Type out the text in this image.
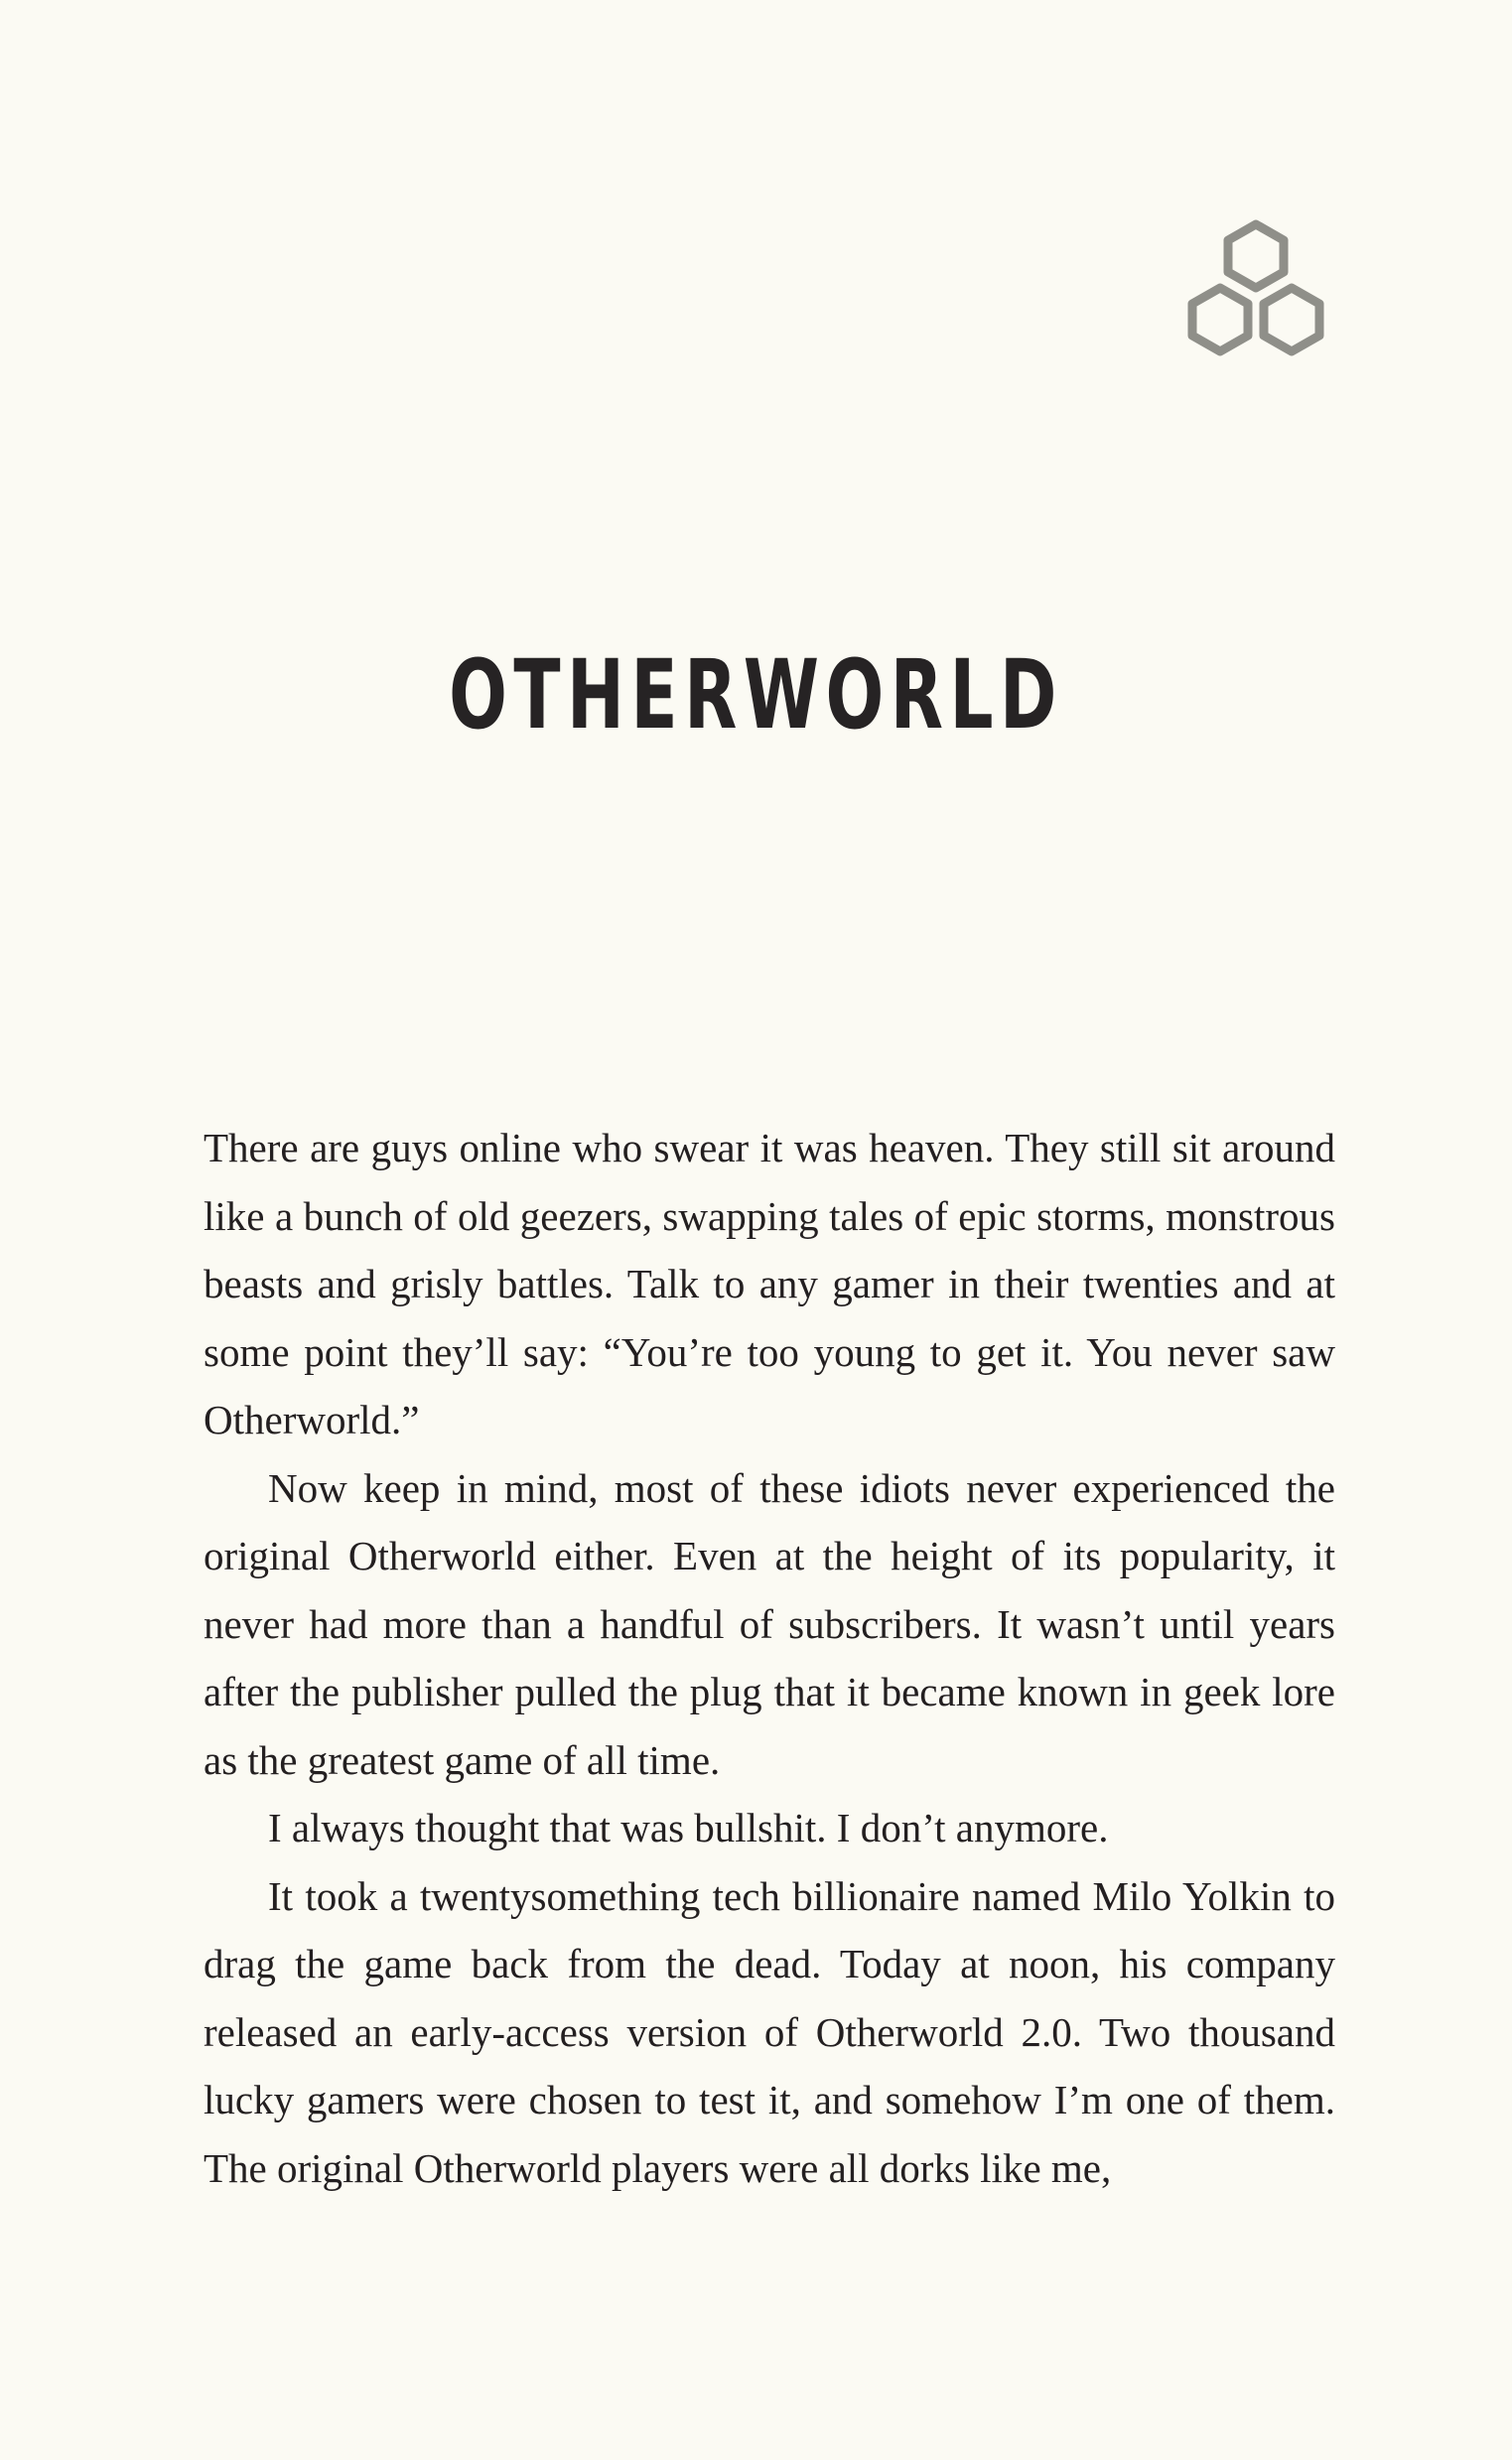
OTHERWORLD

There are guys online who swear it was heaven. They still sit around like a bunch of old geezers, swapping tales of epic storms, monstrous beasts and grisly battles. Talk to any gamer in their twenties and at some point they’ll say: “You’re too young to get it. You never saw Otherworld.”

Now keep in mind, most of these idiots never experienced the original Otherworld either. Even at the height of its popularity, it never had more than a handful of subscribers. It wasn’t until years after the publisher pulled the plug that it became known in geek lore as the greatest game of all time.

I always thought that was bullshit. I don’t anymore.

It took a twentysomething tech billionaire named Milo Yolkin to drag the game back from the dead. Today at noon, his company released an early-access version of Otherworld 2.0. Two thousand lucky gamers were chosen to test it, and somehow I’m one of them. The original Otherworld players were all dorks like me,
